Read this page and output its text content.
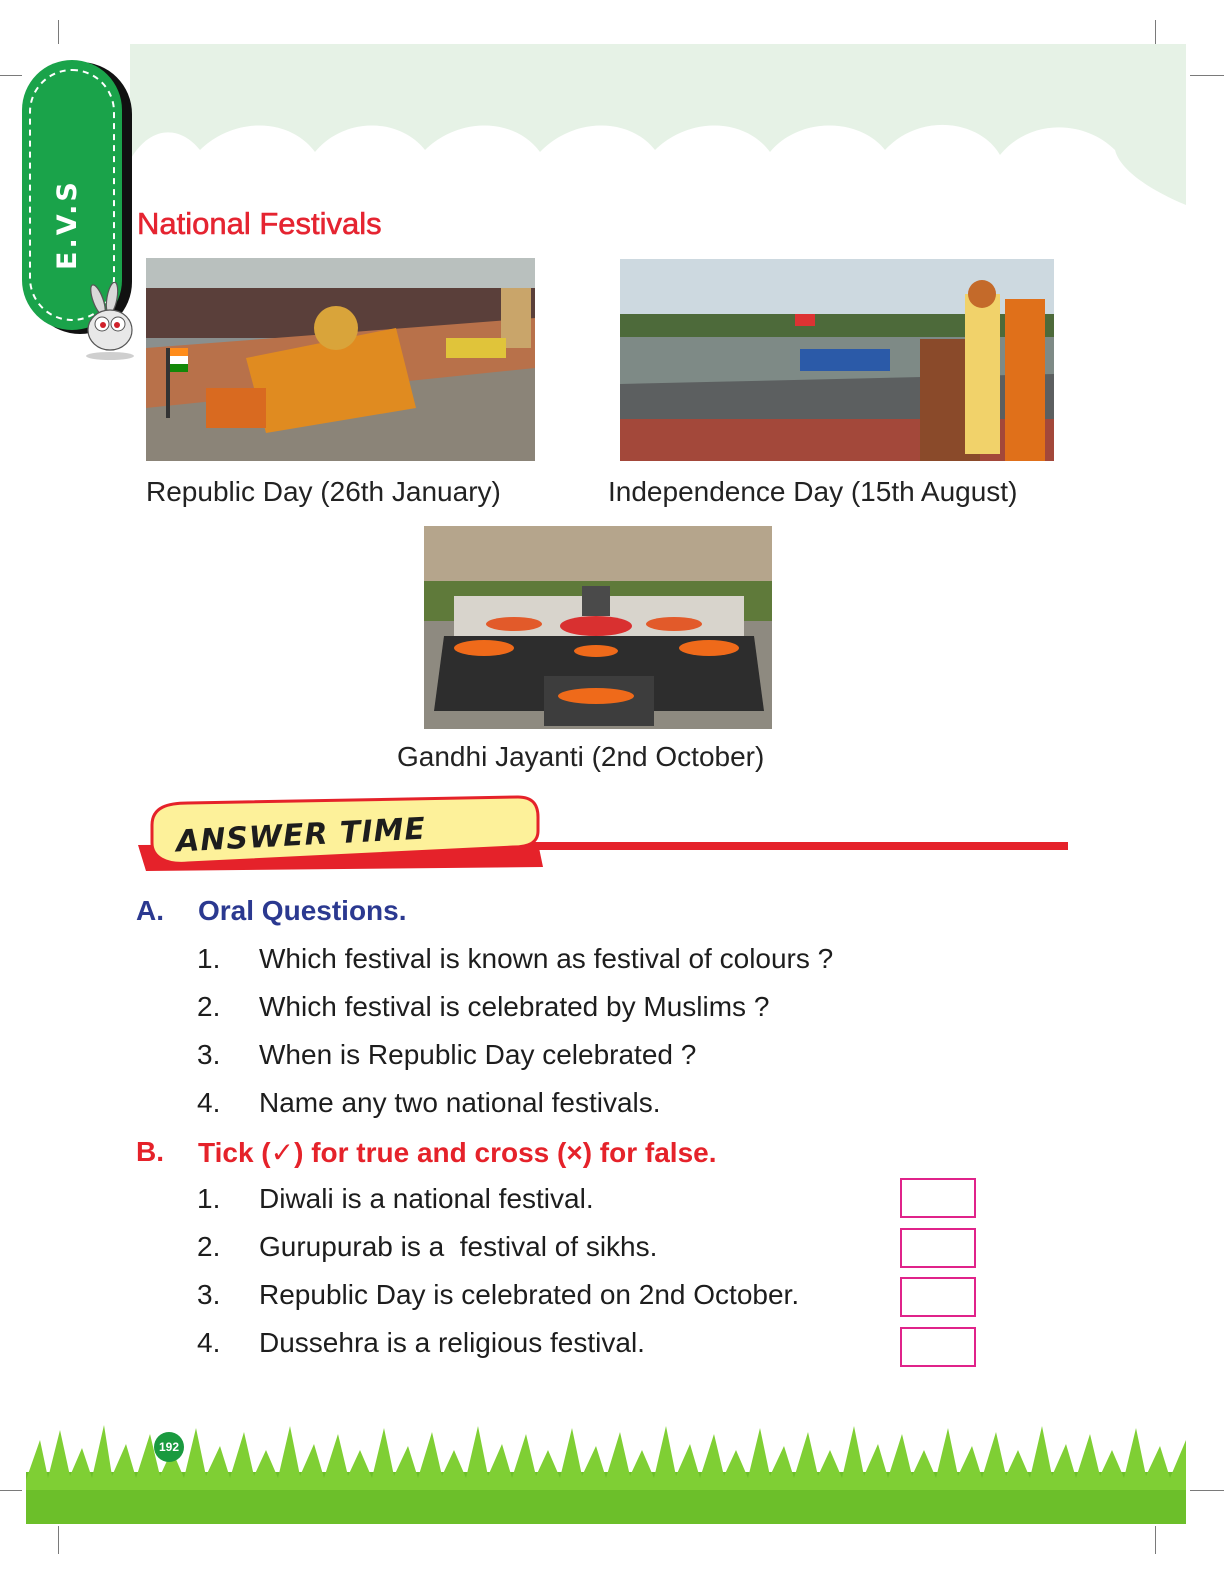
E.V.S National Festivals
Republic Day (26th January)	Independence Day (15th August)
Gandhi Jayanti (2nd October)
ANSWER TIME
A. Oral Questions.
1. Which festival is known as festival of colours ?
2. Which festival is celebrated by Muslims ?
3. When is Republic Day celebrated ?
4. Name any two national festivals.
B. Tick (✓) for true and cross (×) for false.
1. Diwali is a national festival.
2. Gurupurab is a  festival of sikhs.
3. Republic Day is celebrated on 2nd October.
4. Dussehra is a religious festival.
192
